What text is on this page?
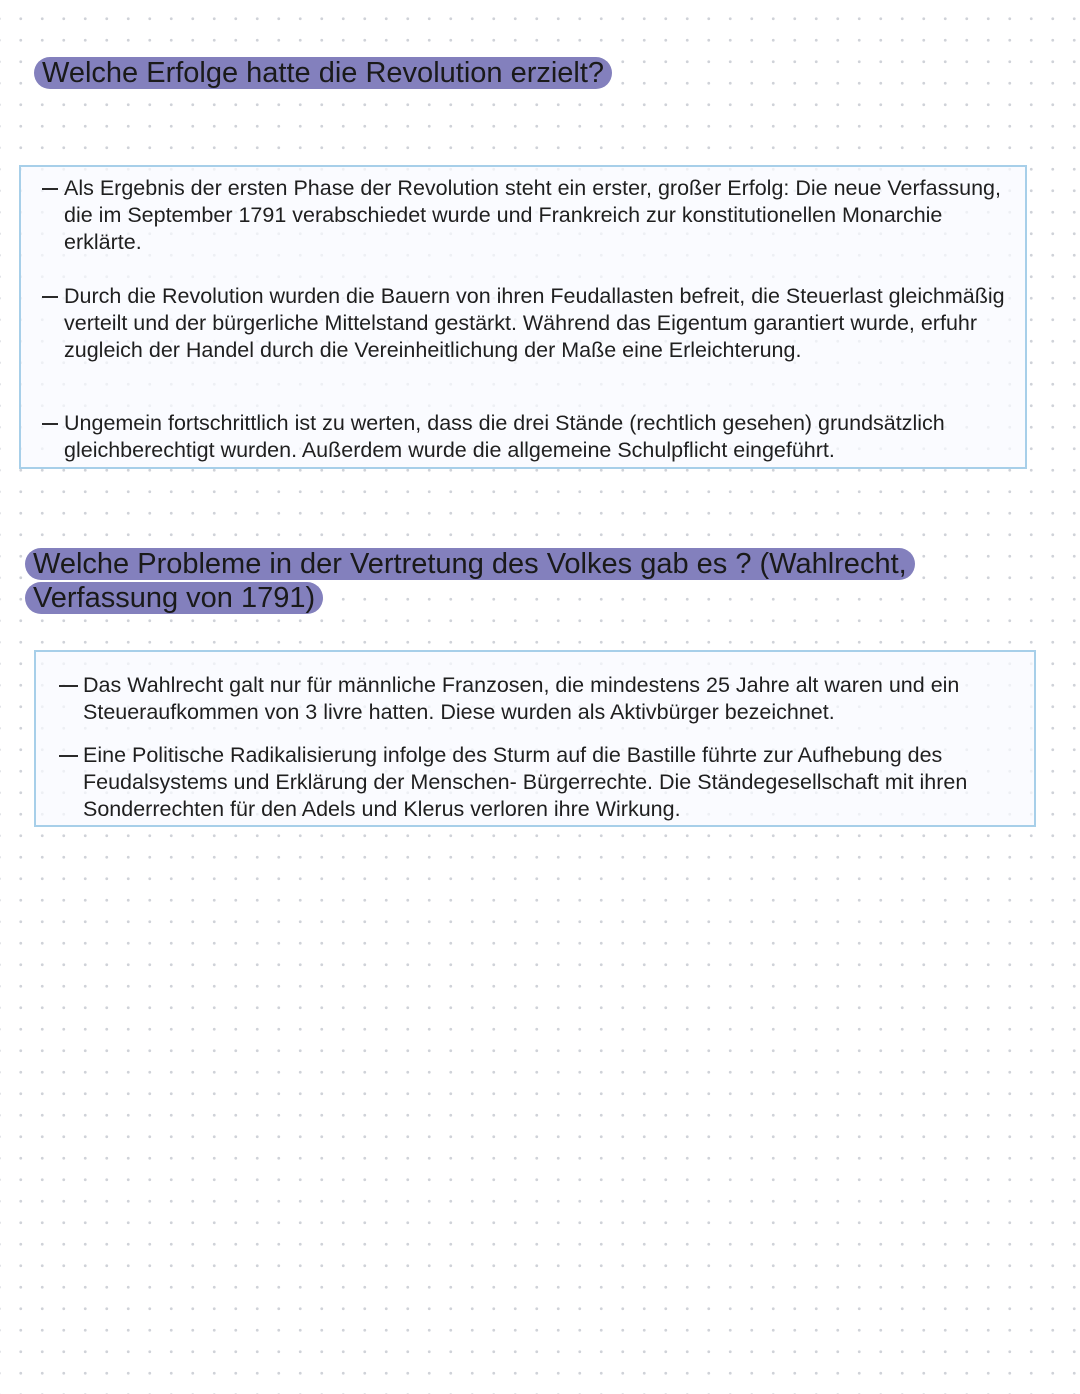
Welche Erfolge hatte die Revolution erzielt?
Als Ergebnis der ersten Phase der Revolution steht ein erster, großer Erfolg: Die neue Verfassung, die im September 1791 verabschiedet wurde und Frankreich zur konstitutionellen Monarchie erklärte.
Durch die Revolution wurden die Bauern von ihren Feudallasten befreit, die Steuerlast gleichmäßig verteilt und der bürgerliche Mittelstand gestärkt. Während das Eigentum garantiert wurde, erfuhr zugleich der Handel durch die Vereinheitlichung der Maße eine Erleichterung.
Ungemein fortschrittlich ist zu werten, dass die drei Stände (rechtlich gesehen) grundsätzlich gleichberechtigt wurden. Außerdem wurde die allgemeine Schulpflicht eingeführt.
Welche Probleme in der Vertretung des Volkes gab es ? (Wahlrecht, Verfassung von 1791)
Das Wahlrecht galt nur für männliche Franzosen, die mindestens 25 Jahre alt waren und ein Steueraufkommen von 3 livre hatten. Diese wurden als Aktivbürger bezeichnet.
Eine Politische Radikalisierung infolge des Sturm auf die Bastille führte zur Aufhebung des Feudalsystems und Erklärung der Menschen- Bürgerrechte. Die Ständegesellschaft mit ihren Sonderrechten für den Adels und Klerus verloren ihre Wirkung.
